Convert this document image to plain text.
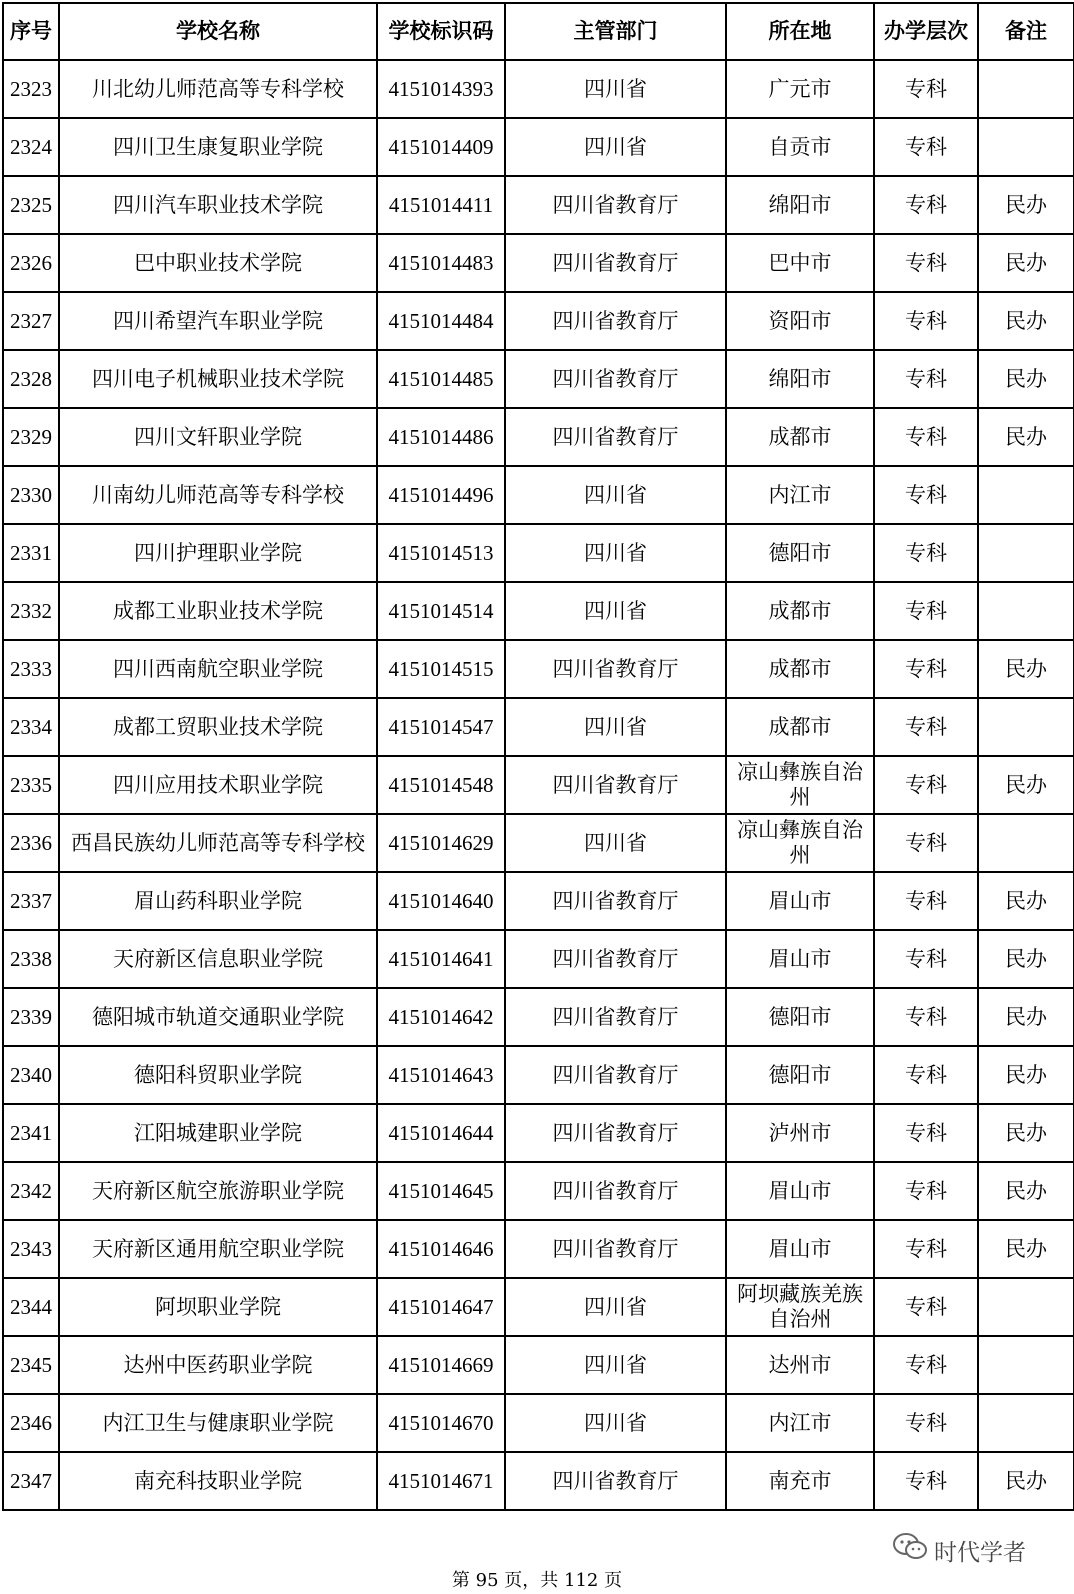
序号	学校名称	学校标识码	主管部门	所在地	办学层次	备注
2323	川北幼儿师范高等专科学校	4151014393	四川省	广元市	专科	
2324	四川卫生康复职业学院	4151014409	四川省	自贡市	专科	
2325	四川汽车职业技术学院	4151014411	四川省教育厅	绵阳市	专科	民办
2326	巴中职业技术学院	4151014483	四川省教育厅	巴中市	专科	民办
2327	四川希望汽车职业学院	4151014484	四川省教育厅	资阳市	专科	民办
2328	四川电子机械职业技术学院	4151014485	四川省教育厅	绵阳市	专科	民办
2329	四川文轩职业学院	4151014486	四川省教育厅	成都市	专科	民办
2330	川南幼儿师范高等专科学校	4151014496	四川省	内江市	专科	
2331	四川护理职业学院	4151014513	四川省	德阳市	专科	
2332	成都工业职业技术学院	4151014514	四川省	成都市	专科	
2333	四川西南航空职业学院	4151014515	四川省教育厅	成都市	专科	民办
2334	成都工贸职业技术学院	4151014547	四川省	成都市	专科	
2335	四川应用技术职业学院	4151014548	四川省教育厅	凉山彝族自治州	专科	民办
2336	西昌民族幼儿师范高等专科学校	4151014629	四川省	凉山彝族自治州	专科	
2337	眉山药科职业学院	4151014640	四川省教育厅	眉山市	专科	民办
2338	天府新区信息职业学院	4151014641	四川省教育厅	眉山市	专科	民办
2339	德阳城市轨道交通职业学院	4151014642	四川省教育厅	德阳市	专科	民办
2340	德阳科贸职业学院	4151014643	四川省教育厅	德阳市	专科	民办
2341	江阳城建职业学院	4151014644	四川省教育厅	泸州市	专科	民办
2342	天府新区航空旅游职业学院	4151014645	四川省教育厅	眉山市	专科	民办
2343	天府新区通用航空职业学院	4151014646	四川省教育厅	眉山市	专科	民办
2344	阿坝职业学院	4151014647	四川省	阿坝藏族羌族自治州	专科	
2345	达州中医药职业学院	4151014669	四川省	达州市	专科	
2346	内江卫生与健康职业学院	4151014670	四川省	内江市	专科	
2347	南充科技职业学院	4151014671	四川省教育厅	南充市	专科	民办
时代学者
第 95 页，共 112 页
